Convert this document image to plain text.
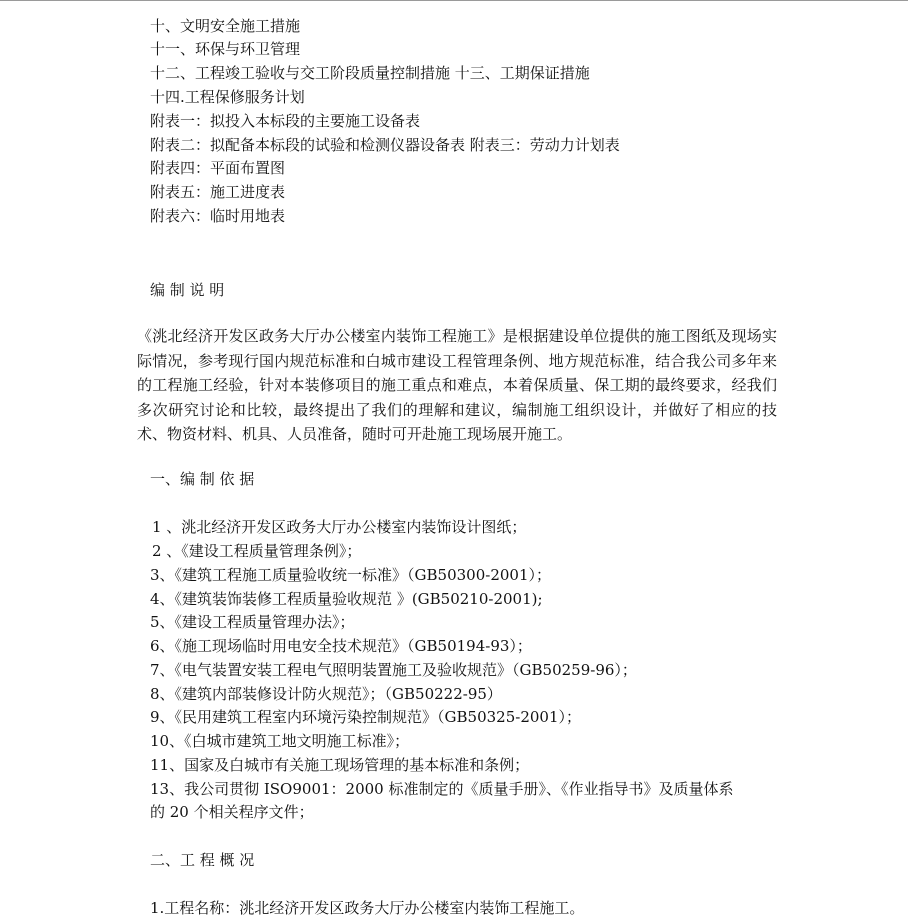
十、文明安全施工措施
十一、环保与环卫管理
十二、工程竣工验收与交工阶段质量控制措施 十三、工期保证措施
十四.工程保修服务计划
附表一：拟投入本标段的主要施工设备表
附表二：拟配备本标段的试验和检测仪器设备表 附表三：劳动力计划表
附表四：平面布置图
附表五：施工进度表
附表六：临时用地表
编 制 说 明
《洮北经济开发区政务大厅办公楼室内装饰工程施工》是根据建设单位提供的施工图纸及现场实际情况，参考现行国内规范标准和白城市建设工程管理条例、地方规范标准，结合我公司多年来的工程施工经验，针对本装修项目的施工重点和难点，本着保质量、保工期的最终要求，经我们多次研究讨论和比较，最终提出了我们的理解和建议，编制施工组织设计，并做好了相应的技术、物资材料、机具、人员准备，随时可开赴施工现场展开施工。
一、编 制 依 据
1 、洮北经济开发区政务大厅办公楼室内装饰设计图纸；
2 、《建设工程质量管理条例》；
3、《建筑工程施工质量验收统一标准》（GB50300-2001）；
4、《建筑装饰装修工程质量验收规范 》(GB50210-2001);
5、《建设工程质量管理办法》；
6、《施工现场临时用电安全技术规范》（GB50194-93）；
7、《电气装置安装工程电气照明装置施工及验收规范》（GB50259-96）；
8、《建筑内部装修设计防火规范》；（GB50222-95）
9、《民用建筑工程室内环境污染控制规范》（GB50325-2001）；
10、《白城市建筑工地文明施工标准》；
11、国家及白城市有关施工现场管理的基本标准和条例；
13、我公司贯彻 ISO9001：2000 标准制定的《质量手册》、《作业指导书》及质量体系
的 20 个相关程序文件；
二、工 程 概 况
1.工程名称：洮北经济开发区政务大厅办公楼室内装饰工程施工。
